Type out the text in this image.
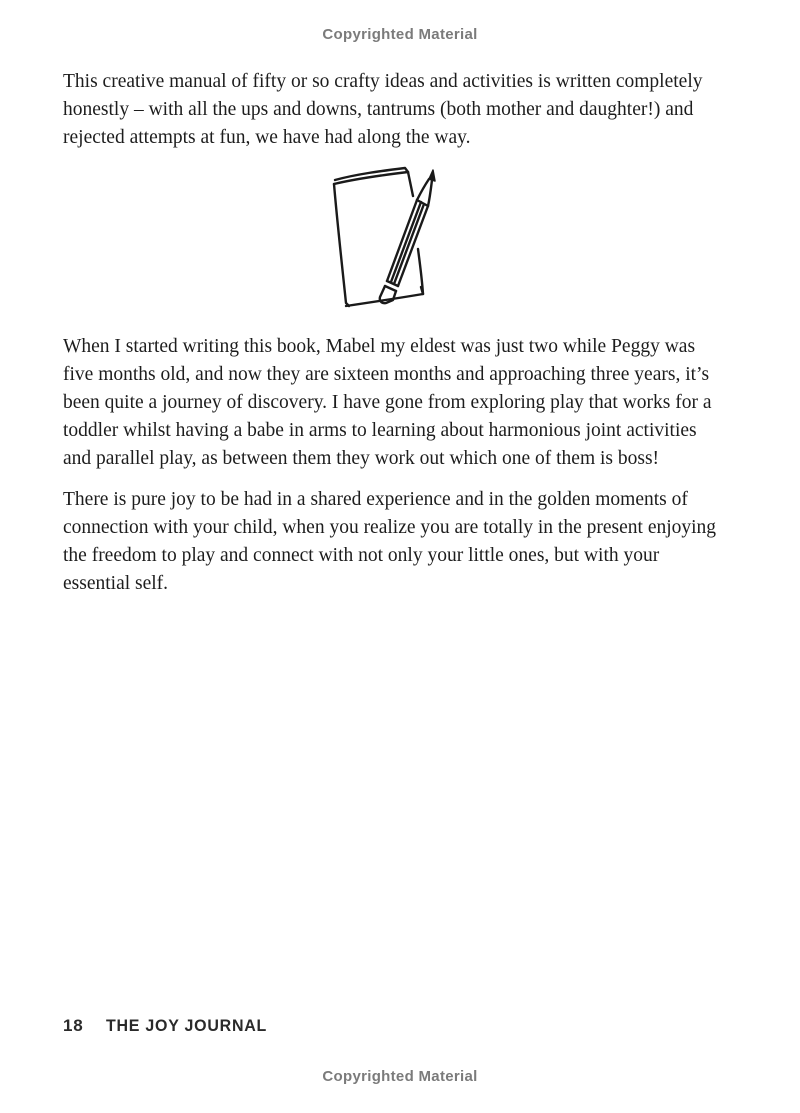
Copyrighted Material

This creative manual of fifty or so crafty ideas and activities is written completely honestly – with all the ups and downs, tantrums (both mother and daughter!) and rejected attempts at fun, we have had along the way.

When I started writing this book, Mabel my eldest was just two while Peggy was five months old, and now they are sixteen months and approaching three years, it’s been quite a journey of discovery. I have gone from exploring play that works for a toddler whilst having a babe in arms to learning about harmonious joint activities and parallel play, as between them they work out which one of them is boss!

There is pure joy to be had in a shared experience and in the golden moments of connection with your child, when you realize you are totally in the present enjoying the freedom to play and connect with not only your little ones, but with your essential self.

18 THE JOY JOURNAL
Copyrighted Material
